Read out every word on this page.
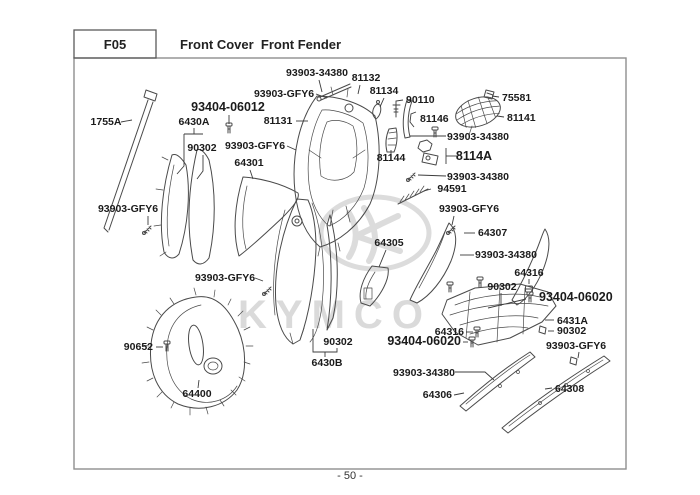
KYMCO
F05	Front Cover  Front Fender
- 50 -
93903-34380 81132
93903-GFY6	81134
90110	75581
81146	81141
93404-06012
6430A
90302
1755A
93903-GFY6
64301
81131
81144
93903-34380
8114A
93903-34380
94591
93903-GFY6
93903-GFY6
93903-GFY6
64305
64307
93903-34380
64316
90302
93404-06020
6431A
90302
93903-GFY6
90302
6430B
64316
93404-06020
93903-34380
64306	64308
90652
64400
